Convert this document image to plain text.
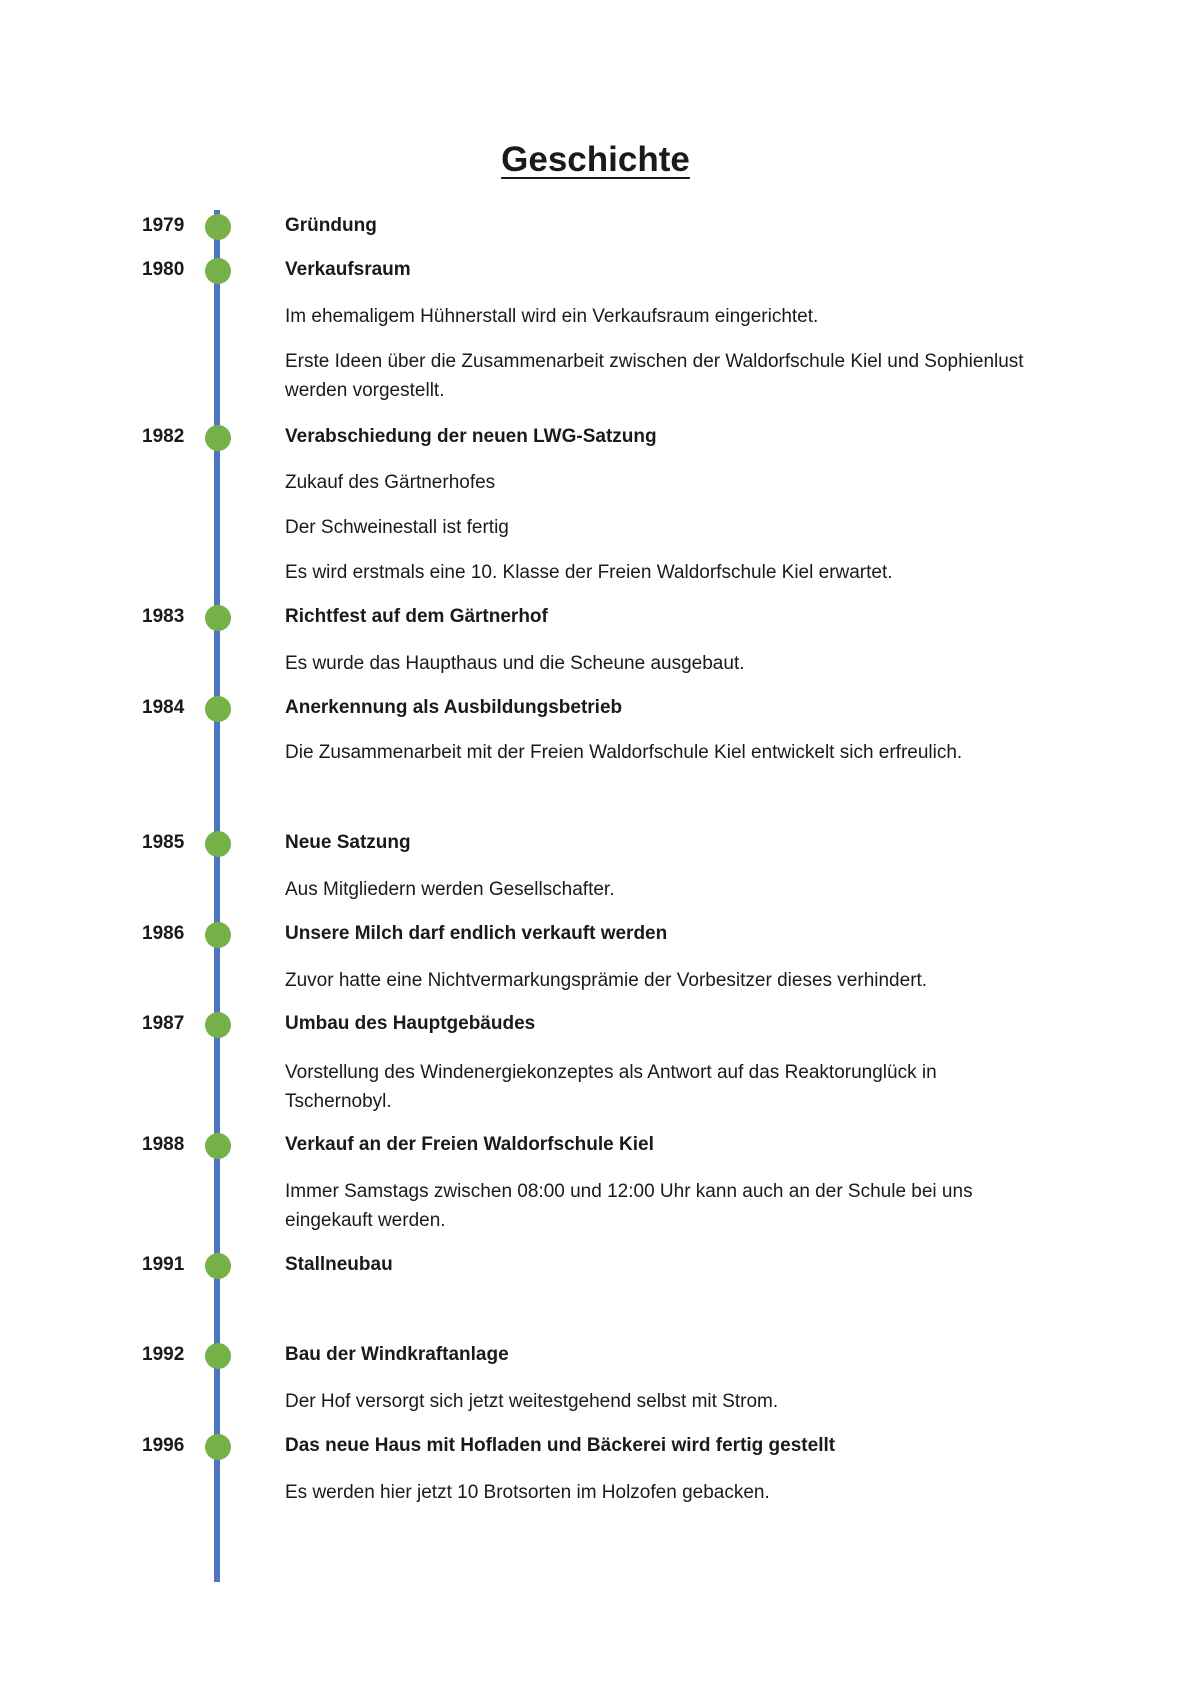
Geschichte
1979	Gründung
1980	Verkaufsraum
Im ehemaligem Hühnerstall wird ein Verkaufsraum eingerichtet.
Erste Ideen über die Zusammenarbeit zwischen der Waldorfschule Kiel und Sophienlust werden vorgestellt.
1982	Verabschiedung der neuen LWG-Satzung
Zukauf des Gärtnerhofes
Der Schweinestall ist fertig
Es wird erstmals eine 10. Klasse der Freien Waldorfschule Kiel erwartet.
1983	Richtfest auf dem Gärtnerhof
Es wurde das Haupthaus und die Scheune ausgebaut.
1984	Anerkennung als Ausbildungsbetrieb
Die Zusammenarbeit mit der Freien Waldorfschule Kiel entwickelt sich erfreulich.
1985	Neue Satzung
Aus Mitgliedern werden Gesellschafter.
1986	Unsere Milch darf endlich verkauft werden
Zuvor hatte eine Nichtvermarkungsprämie der Vorbesitzer dieses verhindert.
1987	Umbau des Hauptgebäudes
Vorstellung des Windenergiekonzeptes als Antwort auf das Reaktorunglück in Tschernobyl.
1988	Verkauf an der Freien Waldorfschule Kiel
Immer Samstags zwischen 08:00 und 12:00 Uhr kann auch an der Schule bei uns eingekauft werden.
1991	Stallneubau
1992	Bau der Windkraftanlage
Der Hof versorgt sich jetzt weitestgehend selbst mit Strom.
1996	Das neue Haus mit Hofladen und Bäckerei wird fertig gestellt
Es werden hier jetzt 10 Brotsorten im Holzofen gebacken.
